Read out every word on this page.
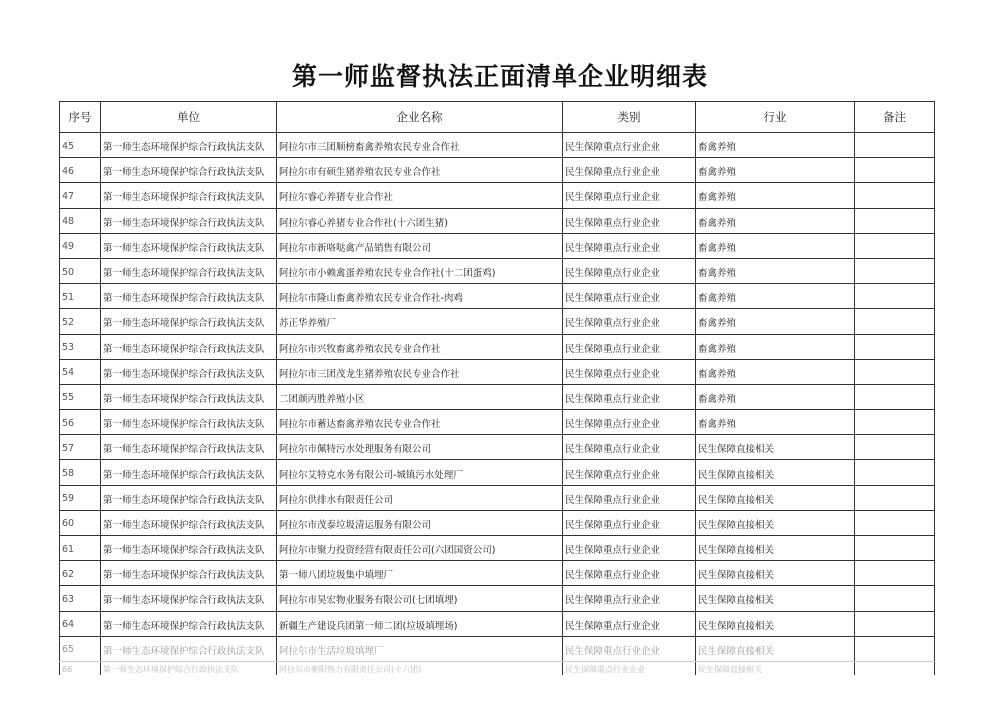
第一师监督执法正面清单企业明细表
序号	单位	企业名称	类别	行业	备注
45	第一师生态环境保护综合行政执法支队	阿拉尔市三团顺榜畜禽养殖农民专业合作社	民生保障重点行业企业	畜禽养殖	
46	第一师生态环境保护综合行政执法支队	阿拉尔市有硕生猪养殖农民专业合作社	民生保障重点行业企业	畜禽养殖	
47	第一师生态环境保护综合行政执法支队	阿拉尔睿心养猪专业合作社	民生保障重点行业企业	畜禽养殖	
48	第一师生态环境保护综合行政执法支队	阿拉尔睿心养猪专业合作社(十六团生猪)	民生保障重点行业企业	畜禽养殖	
49	第一师生态环境保护综合行政执法支队	阿拉尔市新咯哒禽产品销售有限公司	民生保障重点行业企业	畜禽养殖	
50	第一师生态环境保护综合行政执法支队	阿拉尔市小赖禽蛋养殖农民专业合作社(十二团蛋鸡)	民生保障重点行业企业	畜禽养殖	
51	第一师生态环境保护综合行政执法支队	阿拉尔市隆山畜禽养殖农民专业合作社-肉鸡	民生保障重点行业企业	畜禽养殖	
52	第一师生态环境保护综合行政执法支队	苏正华养殖厂	民生保障重点行业企业	畜禽养殖	
53	第一师生态环境保护综合行政执法支队	阿拉尔市兴牧畜禽养殖农民专业合作社	民生保障重点行业企业	畜禽养殖	
54	第一师生态环境保护综合行政执法支队	阿拉尔市三团茂龙生猪养殖农民专业合作社	民生保障重点行业企业	畜禽养殖	
55	第一师生态环境保护综合行政执法支队	二团颜丙胜养殖小区	民生保障重点行业企业	畜禽养殖	
56	第一师生态环境保护综合行政执法支队	阿拉尔市蓄达畜禽养殖农民专业合作社	民生保障重点行业企业	畜禽养殖	
57	第一师生态环境保护综合行政执法支队	阿拉尔市佩特污水处理服务有限公司	民生保障重点行业企业	民生保障直接相关	
58	第一师生态环境保护综合行政执法支队	阿拉尔艾特克水务有限公司-城镇污水处理厂	民生保障重点行业企业	民生保障直接相关	
59	第一师生态环境保护综合行政执法支队	阿拉尔供排水有限责任公司	民生保障重点行业企业	民生保障直接相关	
60	第一师生态环境保护综合行政执法支队	阿拉尔市茂泰垃圾清运服务有限公司	民生保障重点行业企业	民生保障直接相关	
61	第一师生态环境保护综合行政执法支队	阿拉尔市聚力投资经营有限责任公司(六团国资公司)	民生保障重点行业企业	民生保障直接相关	
62	第一师生态环境保护综合行政执法支队	第一师八团垃圾集中填埋厂	民生保障重点行业企业	民生保障直接相关	
63	第一师生态环境保护综合行政执法支队	阿拉尔市昊宏物业服务有限公司(七团填埋)	民生保障重点行业企业	民生保障直接相关	
64	第一师生态环境保护综合行政执法支队	新疆生产建设兵团第一师二团(垃圾填埋场)	民生保障重点行业企业	民生保障直接相关	
65	第一师生态环境保护综合行政执法支队	阿拉尔市生活垃圾填埋厂	民生保障重点行业企业	民生保障直接相关	
66	第一师生态环境保护综合行政执法支队	阿拉尔市朝阳热力有限责任公司(十六团)	民生保障重点行业企业	民生保障直接相关	
